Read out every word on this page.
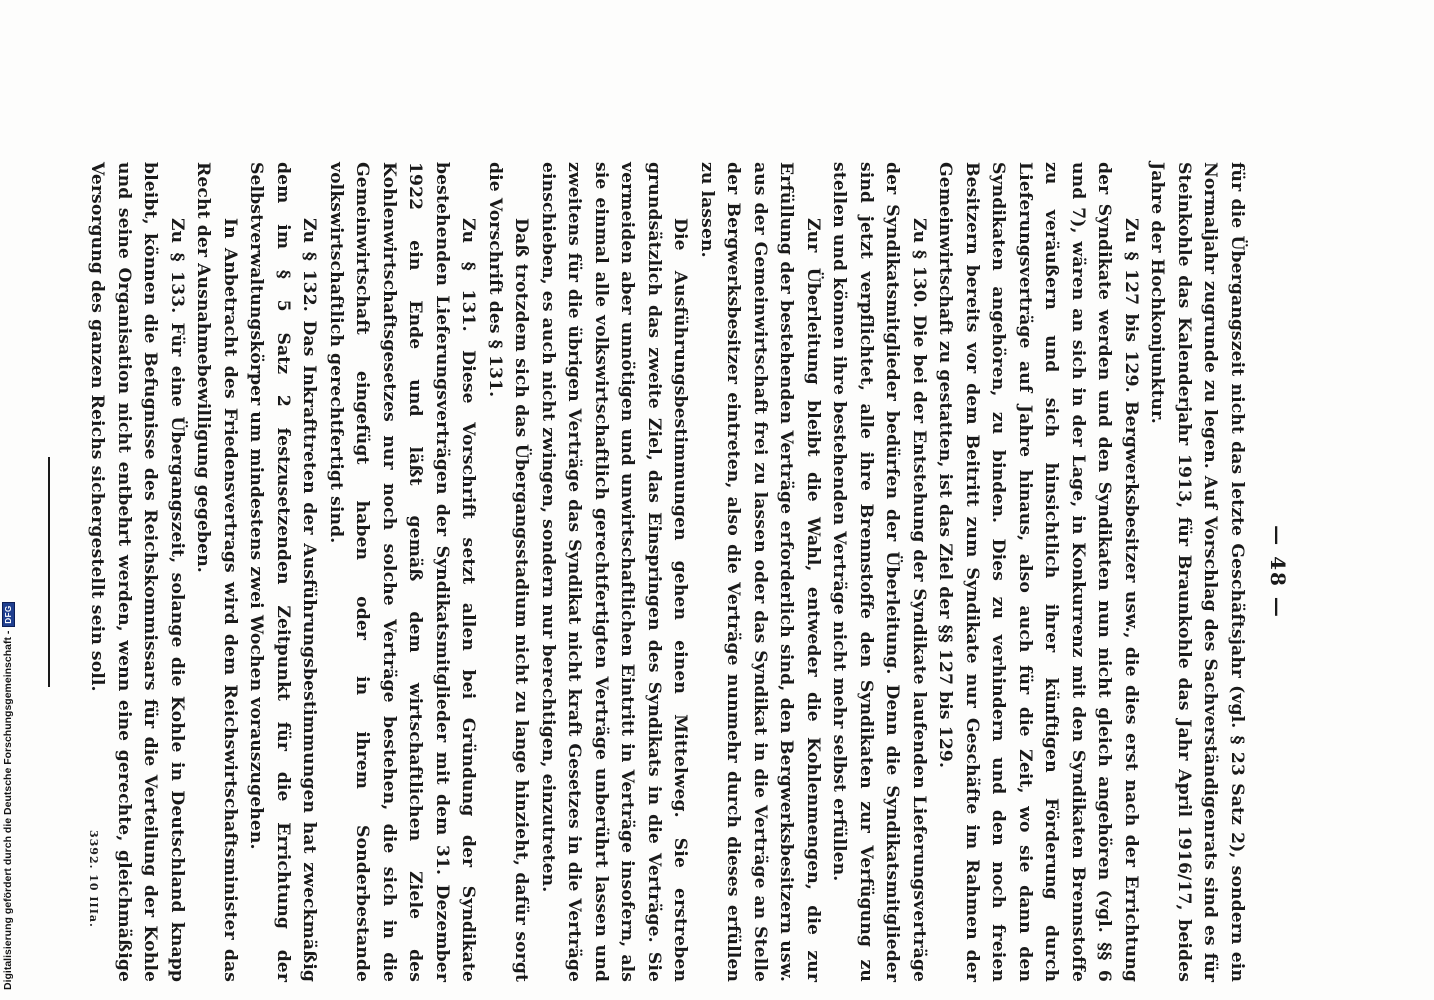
Digitalisierung gefördert durch die Deutsche Forschungsgemeinschaft -
DFG
3392. 10 IIIa.
— 48 —

für die Übergangszeit nicht das letzte Geschäftsjahr (vgl. § 23 Satz 2), sondern ein Normaljahr zugrunde zu legen. Auf Vorschlag des Sachverständigenrats sind es für Steinkohle das Kalenderjahr 1913, für Braunkohle das Jahr April 1916/17, beides Jahre der Hochkonjunktur.

Zu § 127 bis 129. Bergwerksbesitzer usw., die dies erst nach der Errichtung der Syndikate werden und den Syndikaten nun nicht gleich angehören (vgl. §§ 6 und 7), wären an sich in der Lage, in Konkurrenz mit den Syndikaten Brennstoffe zu veräußern und sich hinsichtlich ihrer künftigen Förderung durch Lieferungsverträge auf Jahre hinaus, also auch für die Zeit, wo sie dann den Syndikaten angehören, zu binden. Dies zu verhindern und den noch freien Besitzern bereits vor dem Beitritt zum Syndikate nur Geschäfte im Rahmen der Gemeinwirtschaft zu gestatten, ist das Ziel der §§ 127 bis 129.

Zu § 130. Die bei der Entstehung der Syndikate laufenden Lieferungsverträge der Syndikatsmitglieder bedürfen der Überleitung. Denn die Syndikatsmitglieder sind jetzt verpflichtet, alle ihre Brennstoffe den Syndikaten zur Verfügung zu stellen und können ihre bestehenden Verträge nicht mehr selbst erfüllen.

Zur Überleitung bleibt die Wahl, entweder die Kohlenmengen, die zur Erfüllung der bestehenden Verträge erforderlich sind, den Bergwerksbesitzern usw. aus der Gemeinwirtschaft frei zu lassen oder das Syndikat in die Verträge an Stelle der Bergwerksbesitzer eintreten, also die Verträge nunmehr durch dieses erfüllen zu lassen.

Die Ausführungsbestimmungen gehen einen Mittelweg. Sie erstreben grundsätzlich das zweite Ziel, das Einspringen des Syndikats in die Verträge. Sie vermeiden aber unnötigen und unwirtschaftlichen Eintritt in Verträge insofern, als sie einmal alle volkswirtschaftlich gerechtfertigten Verträge unberührt lassen und zweitens für die übrigen Verträge das Syndikat nicht kraft Gesetzes in die Verträge einschieben, es auch nicht zwingen, sondern nur berechtigen, einzutreten.

Daß trotzdem sich das Übergangsstadium nicht zu lange hinzieht, dafür sorgt die Vorschrift des § 131.

Zu § 131. Diese Vorschrift setzt allen bei Gründung der Syndikate bestehenden Lieferungsverträgen der Syndikatsmitglieder mit dem 31. Dezember 1922 ein Ende und läßt gemäß dem wirtschaftlichen Ziele des Kohlenwirtschaftsgesetzes nur noch solche Verträge bestehen, die sich in die Gemeinwirtschaft eingefügt haben oder in ihrem Sonderbestande volkswirtschaftlich gerechtfertigt sind.

Zu § 132. Das Inkrafttreten der Ausführungsbestimmungen hat zweckmäßig dem im § 5 Satz 2 festzusetzenden Zeitpunkt für die Errichtung der Selbstverwaltungskörper um mindestens zwei Wochen vorauszugehen.

In Anbetracht des Friedensvertrags wird dem Reichswirtschaftsminister das Recht der Ausnahmebewilligung gegeben.

Zu § 133. Für eine Übergangszeit, solange die Kohle in Deutschland knapp bleibt, können die Befugnisse des Reichskommissars für die Verteilung der Kohle und seine Organisation nicht entbehrt werden, wenn eine gerechte, gleichmäßige Versorgung des ganzen Reichs sichergestellt sein soll.
